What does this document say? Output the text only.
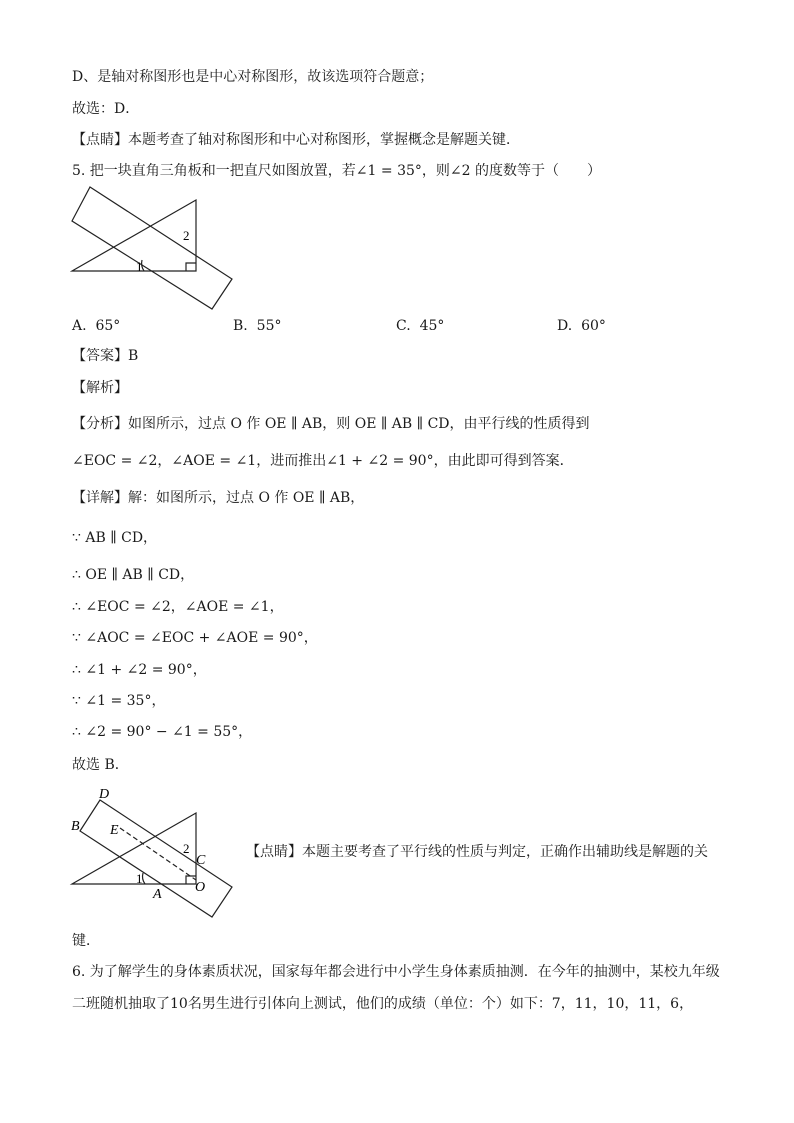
D、是轴对称图形也是中心对称图形，故该选项符合题意；
故选：D．
【点睛】本题考查了轴对称图形和中心对称图形，掌握概念是解题关键．
5. 把一块直角三角板和一把直尺如图放置，若∠1 = 35°，则∠2 的度数等于（　　）
1
2
A. 65°	B. 55°	C. 45°	D. 60°
【答案】B
【解析】
【分析】如图所示，过点 O 作 OE ∥ AB，则 OE ∥ AB ∥ CD，由平行线的性质得到
∠EOC = ∠2，∠AOE = ∠1，进而推出∠1 + ∠2 = 90°，由此即可得到答案．
【详解】解：如图所示，过点 O 作 OE ∥ AB，
∵ AB ∥ CD，
∴ OE ∥ AB ∥ CD，
∴ ∠EOC = ∠2，∠AOE = ∠1，
∵ ∠AOC = ∠EOC + ∠AOE = 90°，
∴ ∠1 + ∠2 = 90°，
∵ ∠1 = 35°，
∴ ∠2 = 90° − ∠1 = 55°，
故选 B．
D
B E
C
O
A
1
2	【点睛】本题主要考查了平行线的性质与判定，正确作出辅助线是解题的关
键．
6. 为了解学生的身体素质状况，国家每年都会进行中小学生身体素质抽测．在今年的抽测中，某校九年级
二班随机抽取了10名男生进行引体向上测试，他们的成绩（单位：个）如下：7，11，10，11，6，
